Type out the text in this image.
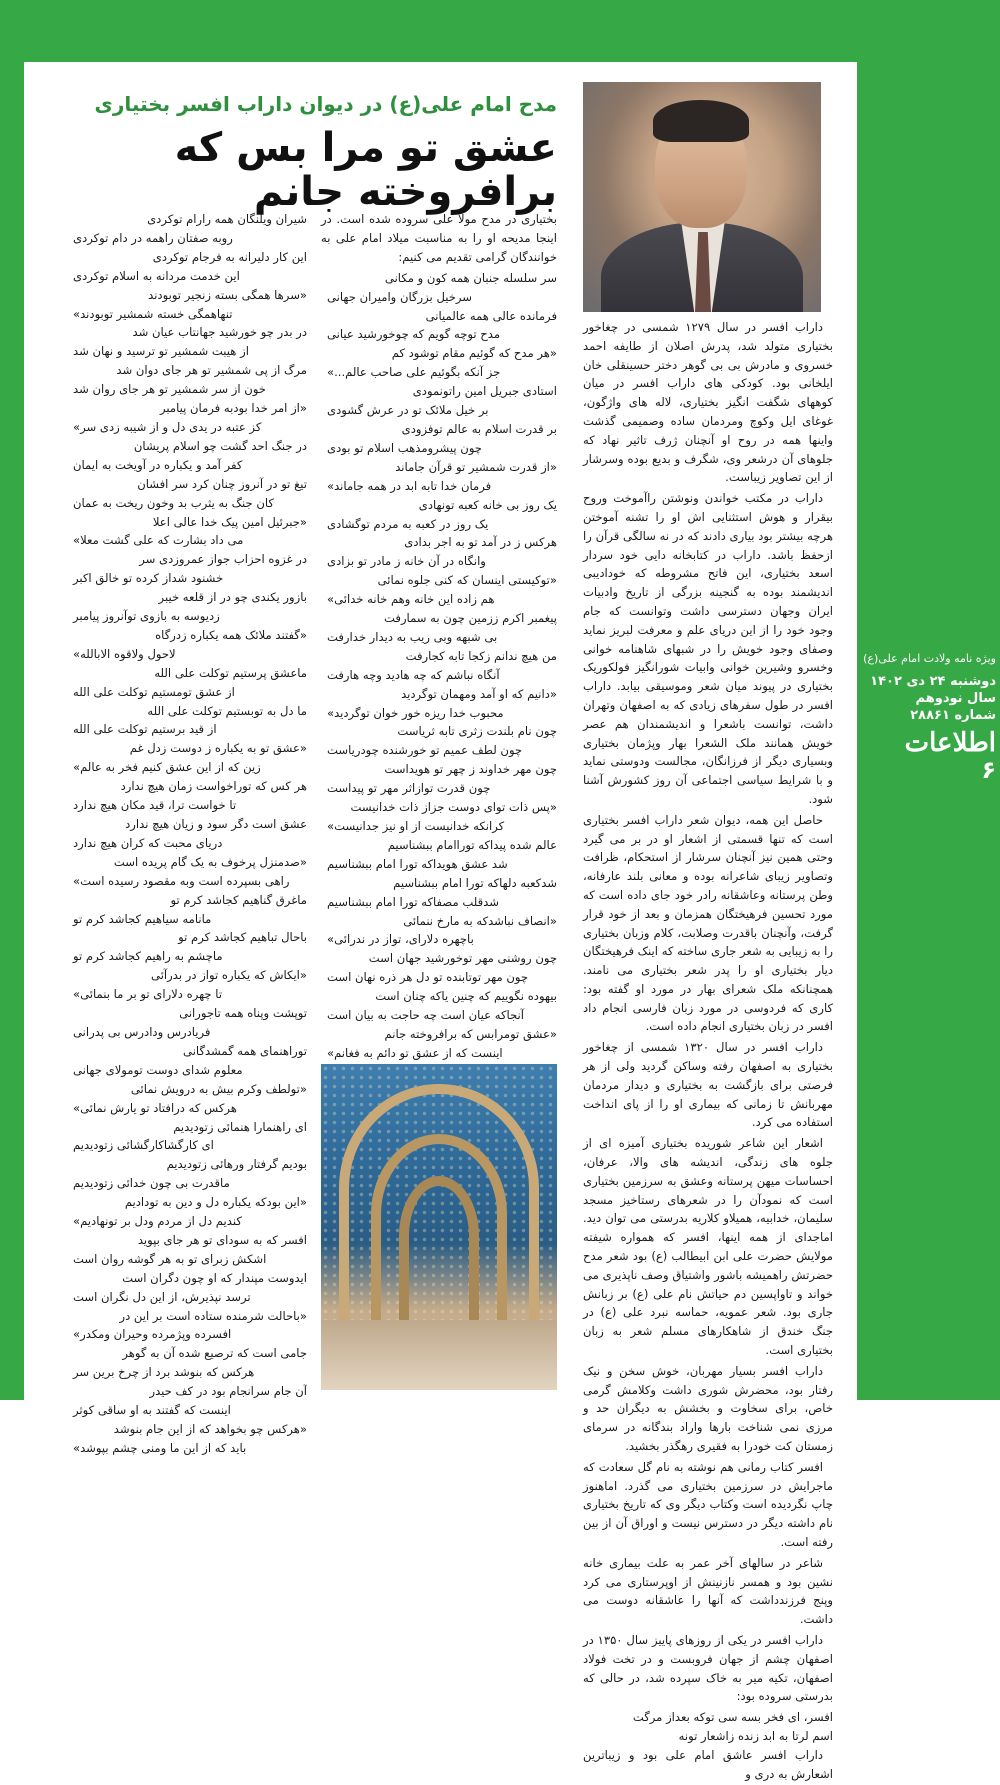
ویژه نامه ولادت امام علی(ع)
دوشنبه ۲۴ دی ۱۴۰۲
سال نودوهم
شماره ۲۸۸۶۱
اطلاعات
۶
مدح امام علی(ع) در دیوان داراب افسر بختیاری
عشق تو مرا بس که برافروخته جانم

داراب افسر در سال ۱۲۷۹ شمسی در چغاخور بختیاری متولد شد، پدرش اصلان از طایفه احمد خسروی و مادرش بی بی گوهر دختر حسینقلی خان ایلخانی بود. کودکی های داراب افسر در میان کوههای شگفت انگیز بختیاری، لاله های واژگون، غوغای ایل وکوچ ومردمان ساده وصمیمی گذشت واینها همه در روح او آنچنان ژرف تاثیر نهاد که جلوهای آن درشعر وی، شگرف و بدیع بوده وسرشار از این تصاویر زیباست.

داراب در مکتب خواندن ونوشتن راآموخت وروح بیقرار و هوش استثنایی اش او را تشنه آموختن هرچه بیشتر بود بیاری دادند که در نه سالگی قرآن را ازحفظ باشد. داراب در کتابخانه دایی خود سردار اسعد بختیاری، این فاتح مشروطه که خودادیبی اندیشمند بوده به گنجینه بزرگی از تاریخ وادبیات ایران وجهان دسترسی داشت وتوانست که جام وجود خود را از این دریای علم و معرفت لبریز نماید وصفای وجود خویش را در شبهای شاهنامه خوانی وخسرو وشیرین خوانی وابیات شورانگیز فولکوریک بختیاری در پیوند میان شعر وموسیقی بیابد. داراب افسر در طول سفرهای زیادی که به اصفهان وتهران داشت، توانست باشعرا و اندیشمندان هم عصر خویش همانند ملک الشعرا بهار وپژمان بختیاری وبسیاری دیگر از فرزانگان، مجالست ودوستی نماید و با شرایط سیاسی اجتماعی آن روز کشورش آشنا شود.

حاصل این همه، دیوان شعر داراب افسر بختیاری است که تنها قسمتی از اشعار او در بر می گیرد وحتی همین نیز آنچنان سرشار از استحکام، ظرافت وتصاویر زیبای شاعرانه بوده و معانی بلند عارفانه، وطن پرستانه وعاشقانه رادر خود جای داده است که مورد تحسین فرهیختگان همزمان و بعد از خود قرار گرفت، وآنچنان باقدرت وصلابت، کلام وزبان بختیاری را به زیبایی به شعر جاری ساخته که اینک فرهیختگان دیار بختیاری او را پدر شعر بختیاری می نامند. همچنانکه ملک شعرای بهار در مورد او گفته بود: کاری که فردوسی در مورد زبان فارسی انجام داد افسر در زبان بختیاری انجام داده است.

داراب افسر در سال ۱۳۲۰ شمسی از چغاخور بختیاری به اصفهان رفته وساکن گردید ولی از هر فرصتی برای بازگشت به بختیاری و دیدار مردمان مهربانش تا زمانی که بیماری او را از پای انداخت استفاده می کرد.

اشعار این شاعر شوریده بختیاری آمیزه ای از جلوه های زندگی، اندیشه های والا، عرفان، احساسات میهن پرستانه وعشق به سرزمین بختیاری است که نمودآن را در شعرهای رستاخیز مسجد سلیمان، خدابیه، همیلاو کلاریه بدرستی می توان دید. اماجدای از همه اینها، افسر که همواره شیفته مولایش حضرت علی ابن ابیطالب (ع) بود شعر مدح حضرتش راهمیشه باشور واشتیاق وصف ناپذیری می خواند و تاواپسین دم حیاتش نام علی (ع) بر زبانش جاری بود. شعر عمویه، حماسه نبرد علی (ع) در جنگ خندق از شاهکارهای مسلم شعر به زبان بختیاری است.

داراب افسر بسیار مهربان، خوش سخن و نیک رفتار بود، محضرش شوری داشت وکلامش گرمی خاص، برای سخاوت و بخشش به دیگران حد و مرزی نمی شناخت بارها واراد بندگانه در سرمای زمستان کت خودرا به فقیری رهگذر بخشید.

افسر کتاب رمانی هم نوشته به نام گل سعادت که ماجرایش در سرزمین بختیاری می گذرد. اماهنوز چاپ نگردیده است وکتاب دیگر وی که تاریخ بختیاری نام داشته دیگر در دسترس نیست و اوراق آن از بین رفته است.

شاعر در سالهای آخر عمر به علت بیماری خانه نشین بود و همسر نازنینش از اوپرستاری می کرد وپنج فرزندداشت که آنها را عاشقانه دوست می داشت.

داراب افسر در یکی از روزهای پاییز سال ۱۳۵۰ در اصفهان چشم از جهان فروبست و در تخت فولاد اصفهان، تکیه میر به خاک سپرده شد، در حالی که بدرستی سروده بود:

افسر، ای فخر بسه سی توکه بعداز مرگت
اسم لرتا به ابد زنده زاشعار تونه

داراب افسر عاشق امام علی بود و زیباترین اشعارش به دری و

بختیاری در مدح مولا علی سروده شده است. در اینجا مدیحه او را به مناسبت میلاد امام علی به خوانندگان گرامی تقدیم می کنیم:

سر سلسله جنبان همه کون و مکانی
سرخیل بزرگان وامیران جهانی
فرمانده عالی همه عالمیانی
مدح توچه گویم که چوخورشید عیانی
«هر مدح که گوئیم مقام توشود کم
جز آنکه بگوئیم علی صاحب عالم...»
استادی جبریل امین راتونمودی
بر خیل ملائک تو در عرش گشودی
بر قدرت اسلام به عالم توفزودی
چون پیشرومذهب اسلام تو بودی
«از قدرت شمشیر تو قرآن جاماند
فرمان خدا تابه ابد در همه جاماند»
یک روز بی خانه کعبه تونهادی
یک روز در کعبه به مردم توگشادی
هرکس ز در آمد تو به اجر بدادی
وانگاه در آن خانه ز مادر تو بزادی
«توکیستی اینسان که کنی جلوه نمائی
هم زاده این خانه وهم خانه خدائی»
پیغمبر اکرم ززمین چون به سمارفت
بی شبهه وبی ریب به دیدار خدارفت
من هیچ ندانم زکجا تابه کجارفت
آنگاه نباشم که چه هادید وچه هارفت
«دانیم که او آمد ومهمان توگردید
محبوب خدا ریزه خور خوان توگردید»
چون نام بلندت زثری تابه ثریاست
چون لطف عمیم تو خورشنده چودریاست
چون مهر خداوند ز چهر تو هویداست
چون قدرت توازاثر مهر تو پیداست
«پس ذات توای دوست جزاز ذات خدانیست
کرانکه خدانیست از او نیز جدانیست»
عالم شده پیداکه توراامام ببشناسیم
شد عشق هویداکه تورا امام ببشناسیم
شدکعبه دلهاکه تورا امام ببشناسیم
شدقلب مصفاکه تورا امام ببشناسیم
«انصاف نباشدکه به مارخ ننمائی
باچهره دلارای، تواز در ندرائی»
چون روشنی مهر توخورشید جهان است
چون مهر توتابنده تو دل هر ذره نهان است
بیهوده نگوییم که چنین یاکه چنان است
آنجاکه عیان است چه حاجت به بیان است
«عشق تومرابس که برافروخته جانم
اینست که از عشق تو دائم به فغانم»
شیران ویلنگان همه رارام توکردی
روبه صفتان راهمه در دام توکردی
این کار دلیرانه به فرجام توکردی
این خدمت مردانه به اسلام توکردی
«سرها همگی بسته زنجیر توبودند
تنهاهمگی خسته شمشیر توبودند»
در بدر چو خورشید جهانتاب عیان شد
از هیبت شمشیر تو ترسید و نهان شد
مرگ از پی شمشیر تو هر جای دوان شد
خون از سر شمشیر تو هر جای روان شد
«از امر خدا بودبه فرمان پیامبر
کز عتبه در یدی دل و از شیبه زدی سر»
در جنگ احد گشت چو اسلام پریشان
کفر آمد و یکباره در آویخت به ایمان
تیغ تو در آنروز چنان کرد سر افشان
کان جنگ به یثرب بد وخون ریخت به عمان
«جبرئیل امین پیک خدا عالی اعلا
می داد بشارت که علی گشت معلا»
در غزوه احزاب جواز عمروزدی سر
خشنود شداز کرده تو خالق اکبر
بازور یکندی چو در از قلعه خیبر
زدیوسه به بازوی توآنروز پیامبر
«گفتند ملائک همه یکباره زدرگاه
لاحول ولاقوه الابالله»
ماعشق پرستیم توکلت علی الله
از عشق تومستیم توکلت علی الله
ما دل به توبستیم توکلت علی الله
از قید برستیم توکلت علی الله
«عشق تو به یکباره ز دوست زدل غم
زین که از این عشق کنیم فخر به عالم»
هر کس که توراخواست زمان هیچ ندارد
تا خواست ترا، قید مکان هیچ ندارد
عشق است دگر سود و زیان هیچ ندارد
دریای محبت که کران هیچ ندارد
«صدمنزل پرخوف به یک گام پریده است
راهی بسپرده است وبه مقصود رسیده است»
ماغرق گناهیم کجاشد کرم تو
مانامه سیاهیم کجاشد کرم تو
باحال تباهیم کجاشد کرم تو
ماچشم به راهیم کجاشد کرم تو
«ایکاش که یکباره تواز در بدرآئی
تا چهره دلارای تو بر ما بنمائی»
توپشت وپناه همه تاجورانی
فریادرس ودادرس بی پدرانی
توراهنمای همه گمشدگانی
معلوم شدای دوست تومولای جهانی
«تولطف وکرم بیش به درویش نمائی
هرکس که درافتاد تو یارش نمائی»
ای راهنمارا هنمائی زتودیدیم
ای کارگشاکارگشائی زتودیدیم
بودیم گرفتار ورهائی زتودیدیم
ماقدرت بی چون خدائی زتودیدیم
«این بودکه یکباره دل و دین به تودادیم
کندیم دل از مردم ودل بر تونهادیم»
افسر که به سودای تو هر جای بپوید
اشکش زبرای تو به هر گوشه روان است
ایدوست مپندار که او چون دگران است
ترسد نپذیرش، از این دل نگران است
«باحالت شرمنده ستاده است بر این در
افسرده وپژمرده وحیران ومکدر»
جامی است که ترصیع شده آن به گوهر
هرکس که بنوشد برد از چرخ برین سر
آن جام سرانجام بود در کف حیدر
اینست که گفتند به او ساقی کوثر
«هرکس چو بخواهد که از این جام بنوشد
باید که از این ما ومنی چشم بپوشد»
